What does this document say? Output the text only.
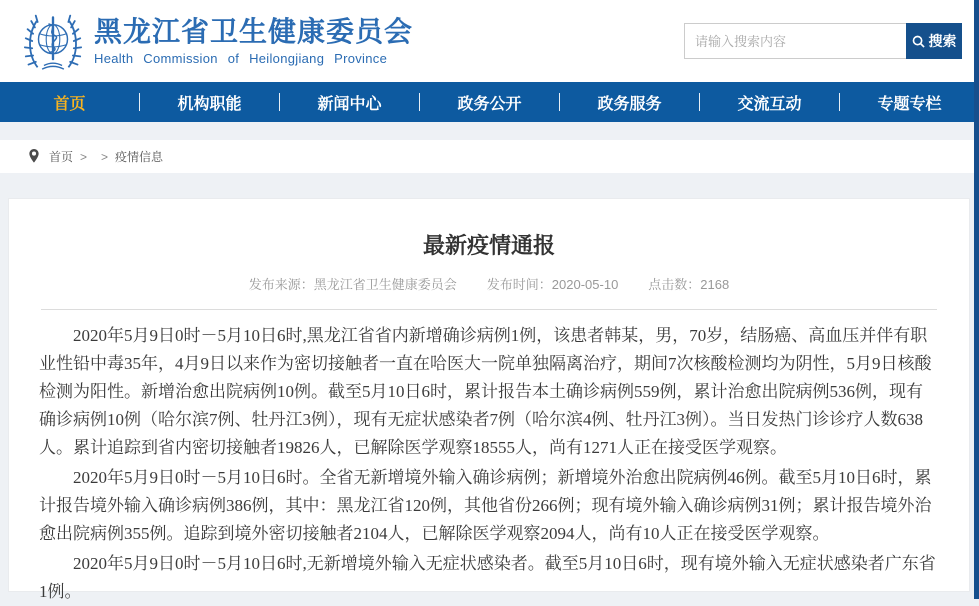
黑龙江省卫生健康委员会
Health Commission of Heilongjiang Province
请输入搜索内容
搜索
首页	机构职能	新闻中心	政务公开	政务服务	交流互动	专题专栏
首页 > > 疫情信息
最新疫情通报
发布来源：黑龙江省卫生健康委员会 发布时间：2020-05-10 点击数：2168

2020年5月9日0时－5月10日6时,黑龙江省省内新增确诊病例1例，该患者韩某，男，70岁，结肠癌、高血压并伴有职业性铅中毒35年，4月9日以来作为密切接触者一直在哈医大一院单独隔离治疗，期间7次核酸检测均为阴性，5月9日核酸检测为阳性。新增治愈出院病例10例。截至5月10日6时，累计报告本土确诊病例559例，累计治愈出院病例536例，现有确诊病例10例（哈尔滨7例、牡丹江3例），现有无症状感染者7例（哈尔滨4例、牡丹江3例）。当日发热门诊诊疗人数638人。累计追踪到省内密切接触者19826人，已解除医学观察18555人，尚有1271人正在接受医学观察。

2020年5月9日0时－5月10日6时。全省无新增境外输入确诊病例；新增境外治愈出院病例46例。截至5月10日6时，累计报告境外输入确诊病例386例，其中：黑龙江省120例，其他省份266例；现有境外输入确诊病例31例；累计报告境外治愈出院病例355例。追踪到境外密切接触者2104人，已解除医学观察2094人，尚有10人正在接受医学观察。

2020年5月9日0时－5月10日6时,无新增境外输入无症状感染者。截至5月10日6时，现有境外输入无症状感染者广东省1例。
